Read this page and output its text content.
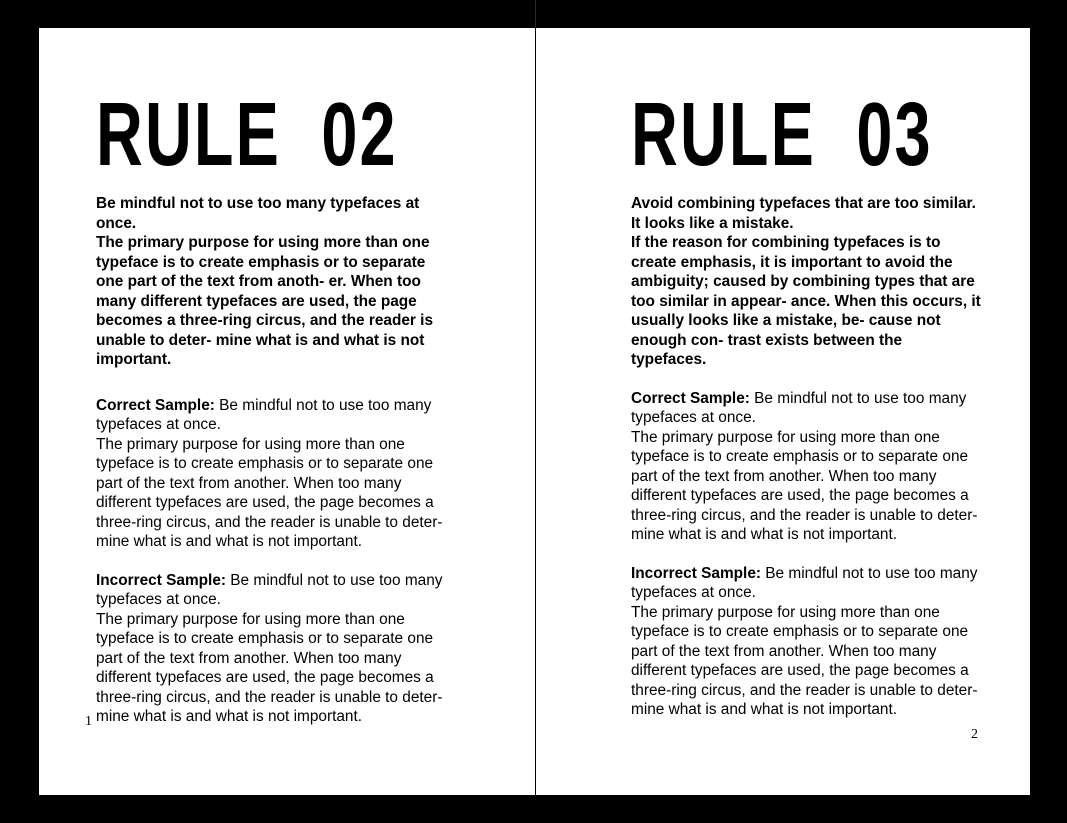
RULE 02

Be mindful not to use too many typefaces at once.

The primary purpose for using more than one typeface is to create emphasis or to separate one part of the text from anoth- er. When too many different typefaces are used, the page becomes a three-ring circus, and the reader is unable to deter- mine what is and what is not important.

Correct Sample: Be mindful not to use too many typefaces at once.

The primary purpose for using more than one typeface is to create emphasis or to separate one part of the text from another. When too many different typefaces are used, the page becomes a three-ring circus, and the reader is unable to deter- mine what is and what is not important.

Incorrect Sample: Be mindful not to use too many typefaces at once.

The primary purpose for using more than one typeface is to create emphasis or to separate one part of the text from another. When too many different typefaces are used, the page becomes a three-ring circus, and the reader is unable to deter- mine what is and what is not important.

1
RULE 03

Avoid combining typefaces that are too similar. It looks like a mistake.

If the reason for combining typefaces is to create emphasis, it is important to avoid the ambiguity; caused by combining types that are too similar in appear- ance. When this occurs, it usually looks like a mistake, be- cause not enough con- trast exists between the typefaces.

Correct Sample: Be mindful not to use too many typefaces at once.

The primary purpose for using more than one typeface is to create emphasis or to separate one part of the text from another. When too many different typefaces are used, the page becomes a three-ring circus, and the reader is unable to deter- mine what is and what is not important.

Incorrect Sample: Be mindful not to use too many typefaces at once.

The primary purpose for using more than one typeface is to create emphasis or to separate one part of the text from another. When too many different typefaces are used, the page becomes a three-ring circus, and the reader is unable to deter- mine what is and what is not important.

2
